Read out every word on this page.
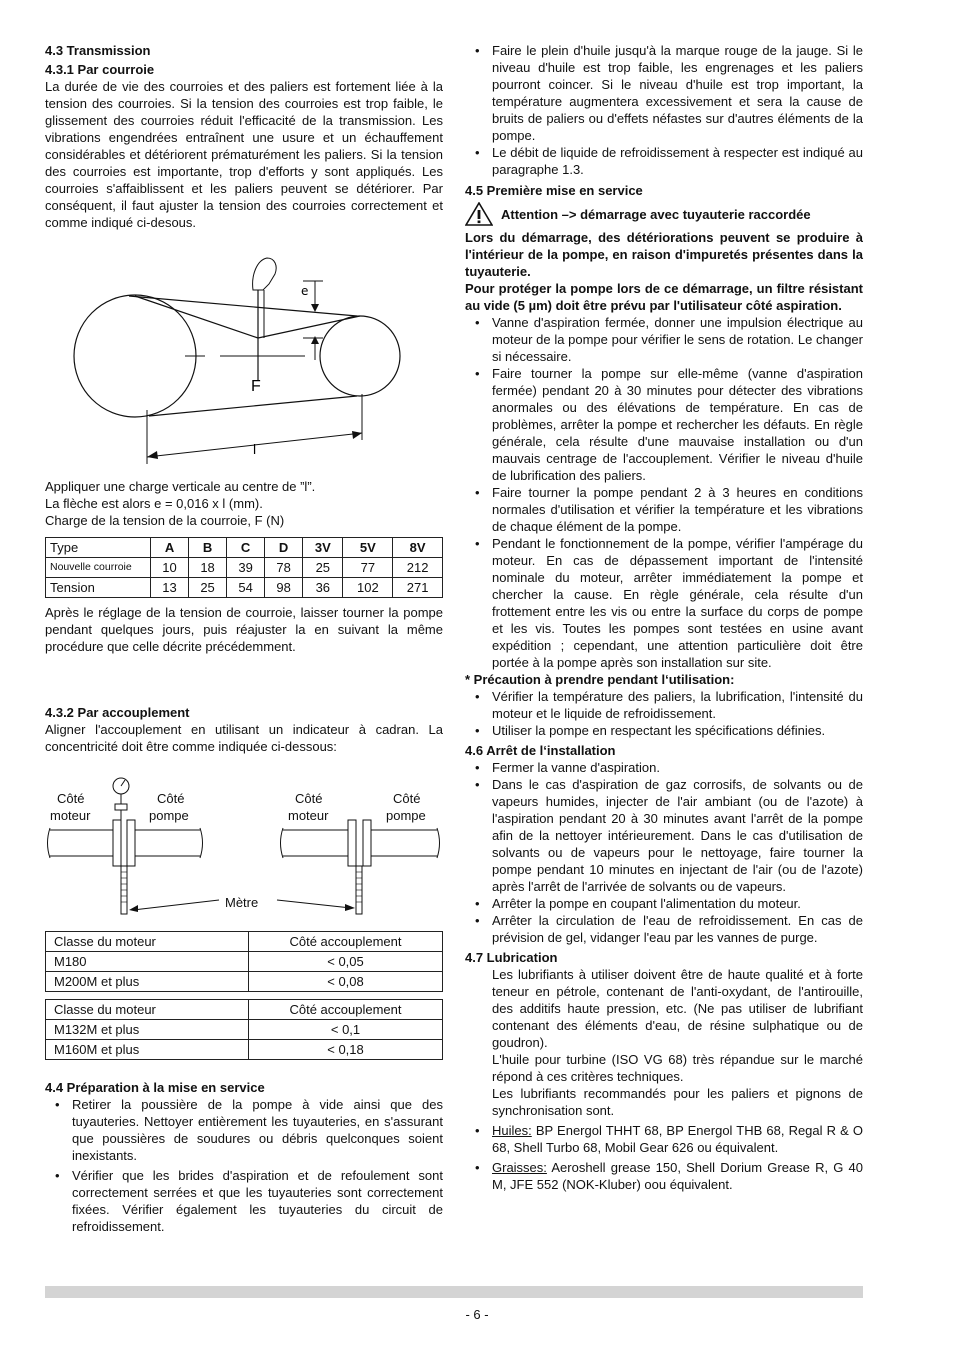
4.3 Transmission

4.3.1 Par courroie

La durée de vie des courroies et des paliers est fortement liée à la tension des courroies. Si la tension des courroies est trop faible, le glissement des courroies réduit l'efficacité de la transmission. Les vibrations engendrées entraînent une usure et un échauffement considérables et détériorent prématurément les paliers. Si la tension des courroies est importante, trop d'efforts y sont appliqués. Les courroies s'affaiblissent et les paliers peuvent se détériorer. Par conséquent, il faut ajuster la tension des courroies correctement et comme indiqué ci-desous.

e
F
l

Appliquer une charge verticale au centre de ”l”.

La flèche est alors e = 0,016 x l (mm).

Charge de la tension de la courroie, F (N)

Type	A	B	C	D	3V	5V	8V
Nouvelle courroie	10	18	39	78	25	77	212
Tension	13	25	54	98	36	102	271

Après le réglage de la tension de courroie, laisser tourner la pompe pendant quelques jours, puis réajuster la en suivant la même procédure que celle décrite précédemment.

4.3.2 Par accouplement

Aligner l'accouplement en utilisant un indicateur à cadran. La concentricité doit être comme indiquée ci-dessous:

Côté
moteur
Côté
pompe
Côté
moteur
Côté
pompe
Mètre
Classe du moteur	Côté accouplement
M180	< 0,05
M200M et plus	< 0,08
Classe du moteur	Côté accouplement
M132M et plus	< 0,1
M160M et plus	< 0,18

4.4 Préparation à la mise en service

• Retirer la poussière de la pompe à vide ainsi que des tuyauteries. Nettoyer entièrement les tuyauteries, en s'assurant que poussières de soudures ou débris quelconques soient inexistants.
• Vérifier que les brides d'aspiration et de refoulement sont correctement serrées et que les tuyauteries sont correctement fixées. Vérifier également les tuyauteries du circuit de refroidissement.
• Faire le plein d'huile jusqu'à la marque rouge de la jauge. Si le niveau d'huile est trop faible, les engrenages et les paliers pourront coincer. Si le niveau d'huile est trop important, la température augmentera excessivement et sera la cause de bruits de paliers ou d'effets néfastes sur d'autres éléments de la pompe.
• Le débit de liquide de refroidissement à respecter est indiqué au paragraphe 1.3.

4.5 Première mise en service

Attention –> démarrage avec tuyauterie raccordée

Lors du démarrage, des détériorations peuvent se produire à l'intérieur de la pompe, en raison d'impuretés présentes dans la tuyauterie.

Pour protéger la pompe lors de ce démarrage, un filtre résistant au vide (5 µm) doit être prévu par l'utilisateur côté aspiration.

• Vanne d'aspiration fermée, donner une impulsion électrique au moteur de la pompe pour vérifier le sens de rotation. Le changer si nécessaire.
• Faire tourner la pompe sur elle-même (vanne d'aspiration fermée) pendant 20 à 30 minutes pour détecter des vibrations anormales ou des élévations de température. En cas de problèmes, arrêter la pompe et rechercher les défauts. En règle générale, cela résulte d'une mauvaise installation ou d'un mauvais centrage de l'accouplement. Vérifier le niveau d'huile de lubrification des paliers.
• Faire tourner la pompe pendant 2 à 3 heures en conditions normales d'utilisation et vérifier la température et les vibrations de chaque élément de la pompe.
• Pendant le fonctionnement de la pompe, vérifier l'ampérage du moteur. En cas de dépassement important de l'intensité nominale du moteur, arrêter immédiatement la pompe et chercher la cause. En règle générale, cela résulte d'un frottement entre les vis ou entre la surface du corps de pompe et les vis. Toutes les pompes sont testées en usine avant expédition ; cependant, une attention particulière doit être portée à la pompe après son installation sur site.

* Précaution à prendre pendant l‘utilisation:

• Vérifier la température des paliers, la lubrification, l'intensité du moteur et le liquide de refroidissement.
• Utiliser la pompe en respectant les spécifications définies.

4.6 Arrêt de l‘installation

• Fermer la vanne d'aspiration.
• Dans le cas d'aspiration de gaz corrosifs, de solvants ou de vapeurs humides, injecter de l'air ambiant (ou de l'azote) à l'aspiration pendant 20 à 30 minutes avant l'arrêt de la pompe afin de la nettoyer intérieurement. Dans le cas d'utilisation de solvants ou de vapeurs pour le nettoyage, faire tourner la pompe pendant 10 minutes en injectant de l'air (ou de l'azote) après l'arrêt de l'arrivée de solvants ou de vapeurs.
• Arrêter la pompe en coupant l'alimentation du moteur.
• Arrêter la circulation de l'eau de refroidissement. En cas de prévision de gel, vidanger l'eau par les vannes de purge.

4.7 Lubrication

Les lubrifiants à utiliser doivent être de haute qualité et à forte teneur en pétrole, contenant de l'anti-oxydant, de l'antirouille, des additifs haute pression, etc. (Ne pas utiliser de lubrifiant contenant des éléments d'eau, de résine sulphatique ou de goudron).

L'huile pour turbine (ISO VG 68) très répandue sur le marché répond à ces critères techniques.

Les lubrifiants recommandés pour les paliers et pignons de synchronisation sont.

• Huiles: BP Energol THHT 68, BP Energol THB 68, Regal R & O 68, Shell Turbo 68, Mobil Gear 626 ou équivalent.
• Graisses: Aeroshell grease 150, Shell Dorium Grease R, G 40 M, JFE 552 (NOK-Kluber) oou équivalent.
- 6 -
